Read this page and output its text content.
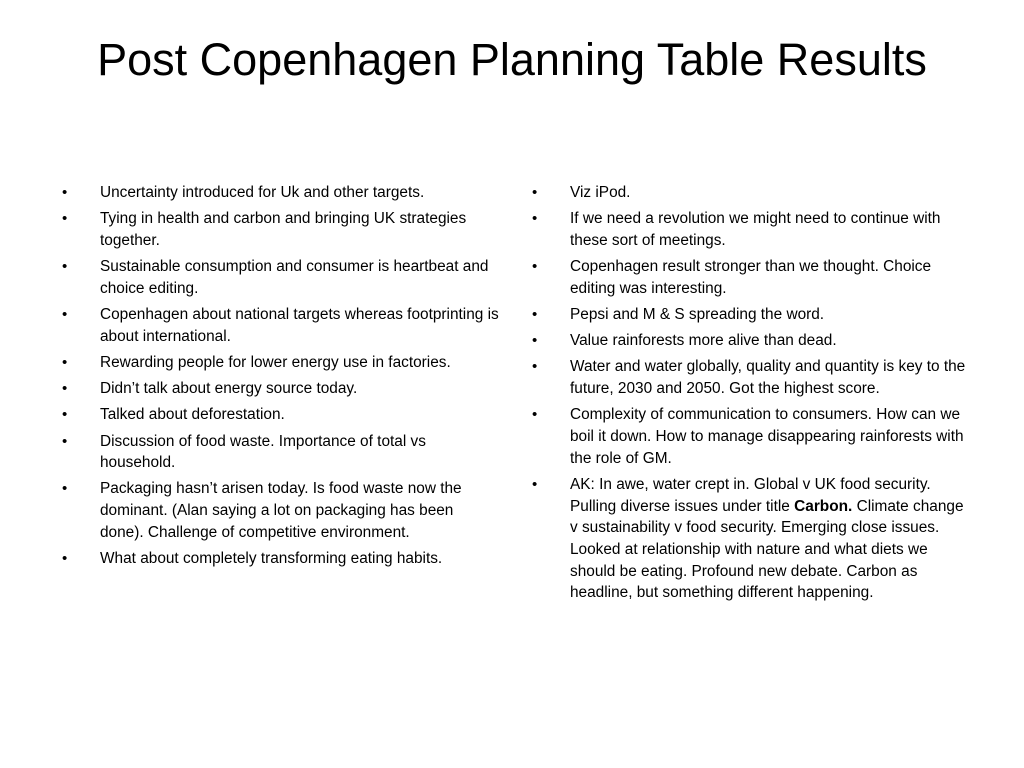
Post Copenhagen Planning Table Results
•	Uncertainty introduced for Uk and other targets.
•	Tying in health and carbon and bringing UK strategies together.
•	Sustainable consumption and consumer is heartbeat and choice editing.
•	Copenhagen about national targets whereas footprinting is about international.
•	Rewarding people for lower energy use in factories.
•	Didn’t talk about energy source today.
•	Talked about deforestation.
•	Discussion of food waste. Importance of total vs household.
•	Packaging hasn’t arisen today. Is food waste now the dominant. (Alan saying a lot on packaging has been done). Challenge of competitive environment.
•	What about completely transforming eating habits.
•	Viz iPod.
•	If we need a revolution we might need to continue with these sort of meetings.
•	Copenhagen result stronger than we thought. Choice editing was interesting.
•	Pepsi and M & S spreading the word.
•	Value rainforests more alive than dead.
•	Water and water globally, quality and quantity is key to the future, 2030 and 2050. Got the highest score.
•	Complexity of communication to consumers. How can we boil it down. How to manage disappearing rainforests with the role of GM.
•	AK: In awe, water crept in. Global v UK food security. Pulling diverse issues under title Carbon. Climate change v sustainability v food security. Emerging close issues. Looked at relationship with nature and what diets we should be eating. Profound new debate. Carbon as headline, but something different happening.
